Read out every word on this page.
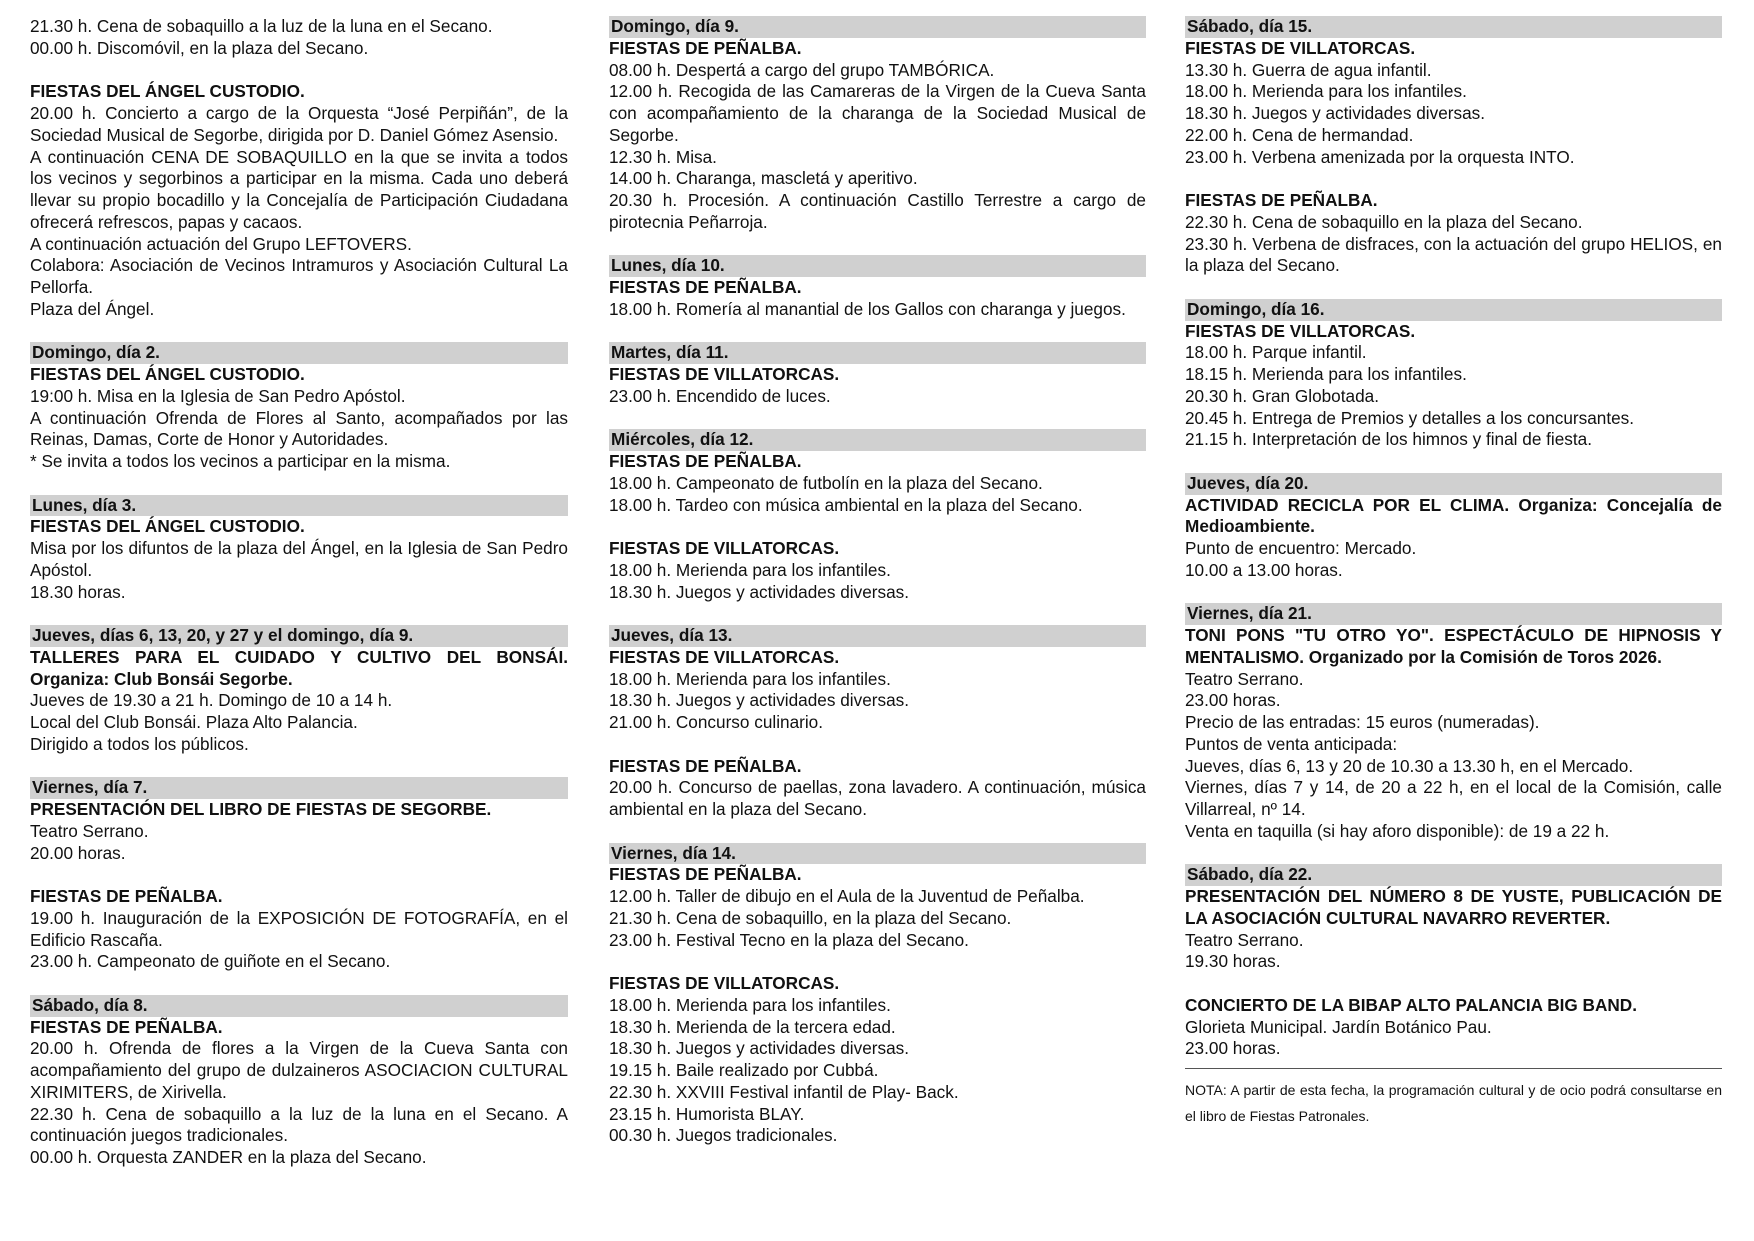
21.30 h. Cena de sobaquillo a la luz de la luna en el Secano.

00.00 h. Discomóvil, en la plaza del Secano.

FIESTAS DEL ÁNGEL CUSTODIO.

20.00 h. Concierto a cargo de la Orquesta “José Perpiñán”, de la Sociedad Musical de Segorbe, dirigida por D. Daniel Gómez Asensio.

A continuación CENA DE SOBAQUILLO en la que se invita a todos los vecinos y segorbinos a participar en la misma. Cada uno deberá llevar su propio bocadillo y la Concejalía de Participación Ciudadana ofrecerá refrescos, papas y cacaos.

A continuación actuación del Grupo LEFTOVERS.

Colabora: Asociación de Vecinos Intramuros y Asociación Cultural La Pellorfa.

Plaza del Ángel.

Domingo, día 2.

FIESTAS DEL ÁNGEL CUSTODIO.

19:00 h. Misa en la Iglesia de San Pedro Apóstol.

A continuación Ofrenda de Flores al Santo, acompañados por las Reinas, Damas, Corte de Honor y Autoridades.

* Se invita a todos los vecinos a participar en la misma.

Lunes, día 3.

FIESTAS DEL ÁNGEL CUSTODIO.

Misa por los difuntos de la plaza del Ángel, en la Iglesia de San Pedro Apóstol.

18.30 horas.

Jueves, días 6, 13, 20, y 27 y el domingo, día 9.

TALLERES PARA EL CUIDADO Y CULTIVO DEL BONSÁI. Organiza: Club Bonsái Segorbe.

Jueves de 19.30 a 21 h. Domingo de 10 a 14 h.

Local del Club Bonsái. Plaza Alto Palancia.

Dirigido a todos los públicos.

Viernes, día 7.

PRESENTACIÓN DEL LIBRO DE FIESTAS DE SEGORBE.

Teatro Serrano.

20.00 horas.

FIESTAS DE PEÑALBA.

19.00 h. Inauguración de la EXPOSICIÓN DE FOTOGRAFÍA, en el Edificio Rascaña.

23.00 h. Campeonato de guiñote en el Secano.

Sábado, día 8.

FIESTAS DE PEÑALBA.

20.00 h. Ofrenda de flores a la Virgen de la Cueva Santa con acompañamiento del grupo de dulzaineros ASOCIACION CULTURAL XIRIMITERS, de Xirivella.

22.30 h. Cena de sobaquillo a la luz de la luna en el Secano. A continuación juegos tradicionales.

00.00 h. Orquesta ZANDER en la plaza del Secano.

Domingo, día 9.

FIESTAS DE PEÑALBA.

08.00 h. Despertá a cargo del grupo TAMBÓRICA.

12.00 h. Recogida de las Camareras de la Virgen de la Cueva Santa con acompañamiento de la charanga de la Sociedad Musical de Segorbe.

12.30 h. Misa.

14.00 h. Charanga, mascletá y aperitivo.

20.30 h. Procesión. A continuación Castillo Terrestre a cargo de pirotecnia Peñarroja.

Lunes, día 10.

FIESTAS DE PEÑALBA.

18.00 h. Romería al manantial de los Gallos con charanga y juegos.

Martes, día 11.

FIESTAS DE VILLATORCAS.

23.00 h. Encendido de luces.

Miércoles, día 12.

FIESTAS DE PEÑALBA.

18.00 h. Campeonato de futbolín en la plaza del Secano.

18.00 h. Tardeo con música ambiental en la plaza del Secano.

FIESTAS DE VILLATORCAS.

18.00 h. Merienda para los infantiles.

18.30 h. Juegos y actividades diversas.

Jueves, día 13.

FIESTAS DE VILLATORCAS.

18.00 h. Merienda para los infantiles.

18.30 h. Juegos y actividades diversas.

21.00 h. Concurso culinario.

FIESTAS DE PEÑALBA.

20.00 h. Concurso de paellas, zona lavadero. A continuación, música ambiental en la plaza del Secano.

Viernes, día 14.

FIESTAS DE PEÑALBA.

12.00 h. Taller de dibujo en el Aula de la Juventud de Peñalba.

21.30 h. Cena de sobaquillo, en la plaza del Secano.

23.00 h. Festival Tecno en la plaza del Secano.

FIESTAS DE VILLATORCAS.

18.00 h. Merienda para los infantiles.

18.30 h. Merienda de la tercera edad.

18.30 h. Juegos y actividades diversas.

19.15 h. Baile realizado por Cubbá.

22.30 h. XXVIII Festival infantil de Play- Back.

23.15 h. Humorista BLAY.

00.30 h. Juegos tradicionales.

Sábado, día 15.

FIESTAS DE VILLATORCAS.

13.30 h. Guerra de agua infantil.

18.00 h. Merienda para los infantiles.

18.30 h. Juegos y actividades diversas.

22.00 h. Cena de hermandad.

23.00 h. Verbena amenizada por la orquesta INTO.

FIESTAS DE PEÑALBA.

22.30 h. Cena de sobaquillo en la plaza del Secano.

23.30 h. Verbena de disfraces, con la actuación del grupo HELIOS, en la plaza del Secano.

Domingo, día 16.

FIESTAS DE VILLATORCAS.

18.00 h. Parque infantil.

18.15 h. Merienda para los infantiles.

20.30 h. Gran Globotada.

20.45 h. Entrega de Premios y detalles a los concursantes.

21.15 h. Interpretación de los himnos y final de fiesta.

Jueves, día 20.

ACTIVIDAD RECICLA POR EL CLIMA. Organiza: Concejalía de Medioambiente.

Punto de encuentro: Mercado.

10.00 a 13.00 horas.

Viernes, día 21.

TONI PONS "TU OTRO YO". ESPECTÁCULO DE HIPNOSIS Y MENTALISMO. Organizado por la Comisión de Toros 2026.

Teatro Serrano.

23.00 horas.

Precio de las entradas: 15 euros (numeradas).

Puntos de venta anticipada:

Jueves, días 6, 13 y 20 de 10.30 a 13.30 h, en el Mercado.

Viernes, días 7 y 14, de 20 a 22 h, en el local de la Comisión, calle Villarreal, nº 14.

Venta en taquilla (si hay aforo disponible): de 19 a 22 h.

Sábado, día 22.

PRESENTACIÓN DEL NÚMERO 8 DE YUSTE, PUBLICACIÓN DE LA ASOCIACIÓN CULTURAL NAVARRO REVERTER.

Teatro Serrano.

19.30 horas.

CONCIERTO DE LA BIBAP ALTO PALANCIA BIG BAND.

Glorieta Municipal. Jardín Botánico Pau.

23.00 horas.

NOTA: A partir de esta fecha, la programación cultural y de ocio podrá consultarse en el libro de Fiestas Patronales.
